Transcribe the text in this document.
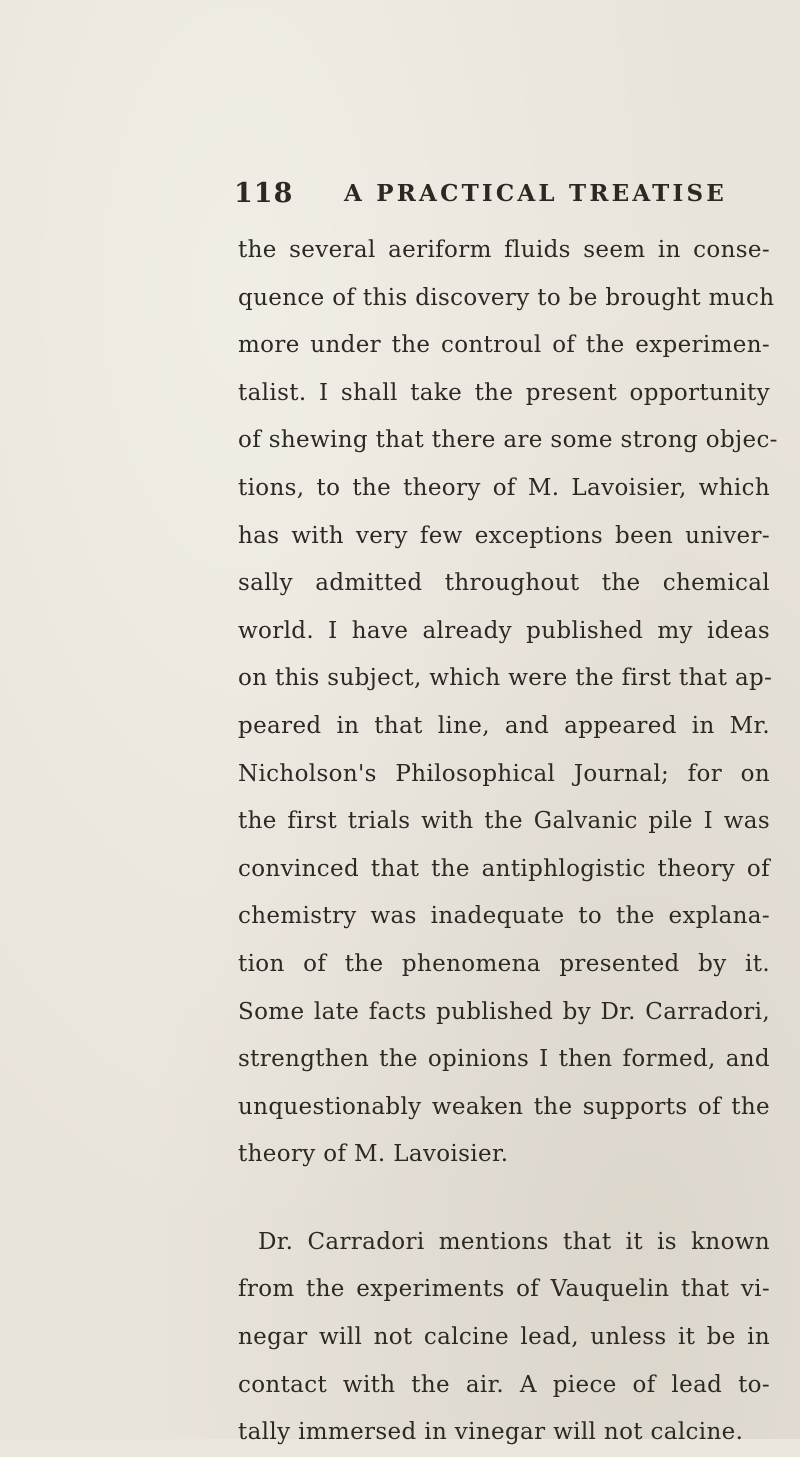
118 A PRACTICAL TREATISE
the several aeriform fluids seem in conse-
quence of this discovery to be brought much
more under the controul of the experimen-
talist. I shall take the present opportunity
of shewing that there are some strong objec-
tions, to the theory of M. Lavoisier, which
has with very few exceptions been univer-
sally admitted throughout the chemical
world. I have already published my ideas
on this subject, which were the first that ap-
peared in that line, and appeared in Mr.
Nicholson's Philosophical Journal; for on
the first trials with the Galvanic pile I was
convinced that the antiphlogistic theory of
chemistry was inadequate to the explana-
tion of the phenomena presented by it.
Some late facts published by Dr. Carradori,
strengthen the opinions I then formed, and
unquestionably weaken the supports of the
theory of M. Lavoisier.
Dr. Carradori mentions that it is known
from the experiments of Vauquelin that vi-
negar will not calcine lead, unless it be in
contact with the air. A piece of lead to-
tally immersed in vinegar will not calcine.
